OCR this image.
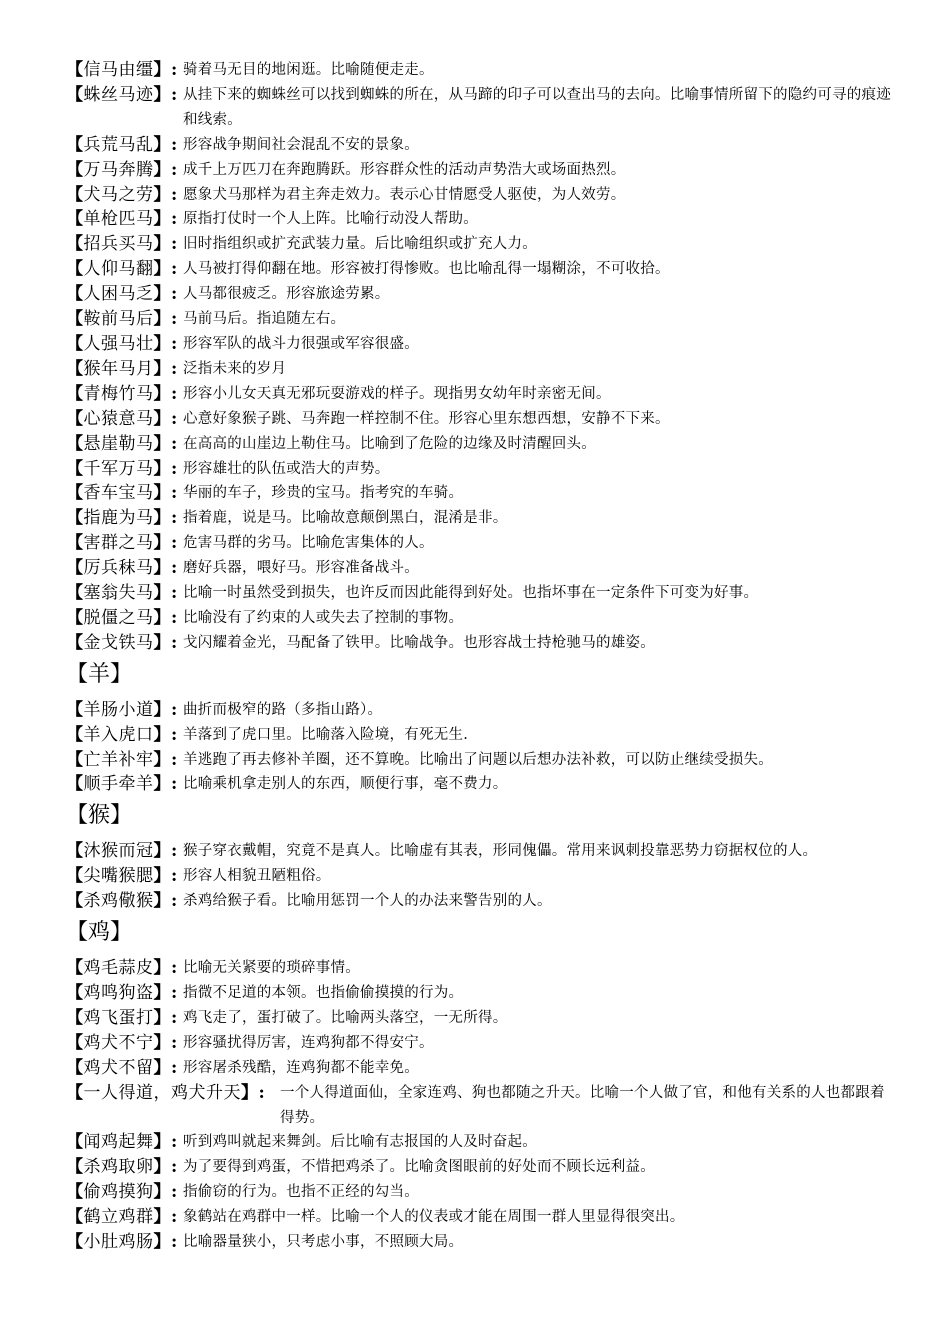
【信马由缰】: 骑着马无目的地闲逛。比喻随便走走。
【蛛丝马迹】: 从挂下来的蜘蛛丝可以找到蜘蛛的所在，从马蹄的印子可以查出马的去向。比喻事情所留下的隐约可寻的痕迹和线索。
【兵荒马乱】: 形容战争期间社会混乱不安的景象。
【万马奔腾】: 成千上万匹刀在奔跑腾跃。形容群众性的活动声势浩大或场面热烈。
【犬马之劳】: 愿象犬马那样为君主奔走效力。表示心甘情愿受人驱使，为人效劳。
【单枪匹马】: 原指打仗时一个人上阵。比喻行动没人帮助。
【招兵买马】: 旧时指组织或扩充武装力量。后比喻组织或扩充人力。
【人仰马翻】: 人马被打得仰翻在地。形容被打得惨败。也比喻乱得一塌糊涂，不可收拾。
【人困马乏】: 人马都很疲乏。形容旅途劳累。
【鞍前马后】: 马前马后。指追随左右。
【人强马壮】: 形容军队的战斗力很强或军容很盛。
【猴年马月】: 泛指未来的岁月
【青梅竹马】: 形容小儿女天真无邪玩耍游戏的样子。现指男女幼年时亲密无间。
【心猿意马】: 心意好象猴子跳、马奔跑一样控制不住。形容心里东想西想，安静不下来。
【悬崖勒马】: 在高高的山崖边上勒住马。比喻到了危险的边缘及时清醒回头。
【千军万马】: 形容雄壮的队伍或浩大的声势。
【香车宝马】: 华丽的车子，珍贵的宝马。指考究的车骑。
【指鹿为马】: 指着鹿，说是马。比喻故意颠倒黑白，混淆是非。
【害群之马】: 危害马群的劣马。比喻危害集体的人。
【厉兵秣马】: 磨好兵器，喂好马。形容准备战斗。
【塞翁失马】: 比喻一时虽然受到损失，也许反而因此能得到好处。也指坏事在一定条件下可变为好事。
【脱僵之马】: 比喻没有了约束的人或失去了控制的事物。
【金戈铁马】: 戈闪耀着金光，马配备了铁甲。比喻战争。也形容战士持枪驰马的雄姿。
【羊】
【羊肠小道】: 曲折而极窄的路（多指山路）。
【羊入虎口】: 羊落到了虎口里。比喻落入险境，有死无生.
【亡羊补牢】: 羊逃跑了再去修补羊圈，还不算晚。比喻出了问题以后想办法补救，可以防止继续受损失。
【顺手牵羊】: 比喻乘机拿走别人的东西，顺便行事，毫不费力。
【猴】
【沐猴而冠】: 猴子穿衣戴帽，究竟不是真人。比喻虚有其表，形同傀儡。常用来讽刺投靠恶势力窃据权位的人。
【尖嘴猴腮】: 形容人相貌丑陋粗俗。
【杀鸡儆猴】: 杀鸡给猴子看。比喻用惩罚一个人的办法来警告别的人。
【鸡】
【鸡毛蒜皮】: 比喻无关紧要的琐碎事情。
【鸡鸣狗盗】: 指微不足道的本领。也指偷偷摸摸的行为。
【鸡飞蛋打】: 鸡飞走了，蛋打破了。比喻两头落空，一无所得。
【鸡犬不宁】: 形容骚扰得厉害，连鸡狗都不得安宁。
【鸡犬不留】: 形容屠杀残酷，连鸡狗都不能幸免。
【一人得道，鸡犬升天】:	一个人得道面仙，全家连鸡、狗也都随之升天。比喻一个人做了官，和他有关系的人也都跟着得势。
【闻鸡起舞】: 听到鸡叫就起来舞剑。后比喻有志报国的人及时奋起。
【杀鸡取卵】: 为了要得到鸡蛋，不惜把鸡杀了。比喻贪图眼前的好处而不顾长远利益。
【偷鸡摸狗】: 指偷窃的行为。也指不正经的勾当。
【鹤立鸡群】: 象鹤站在鸡群中一样。比喻一个人的仪表或才能在周围一群人里显得很突出。
【小肚鸡肠】: 比喻器量狭小，只考虑小事，不照顾大局。
